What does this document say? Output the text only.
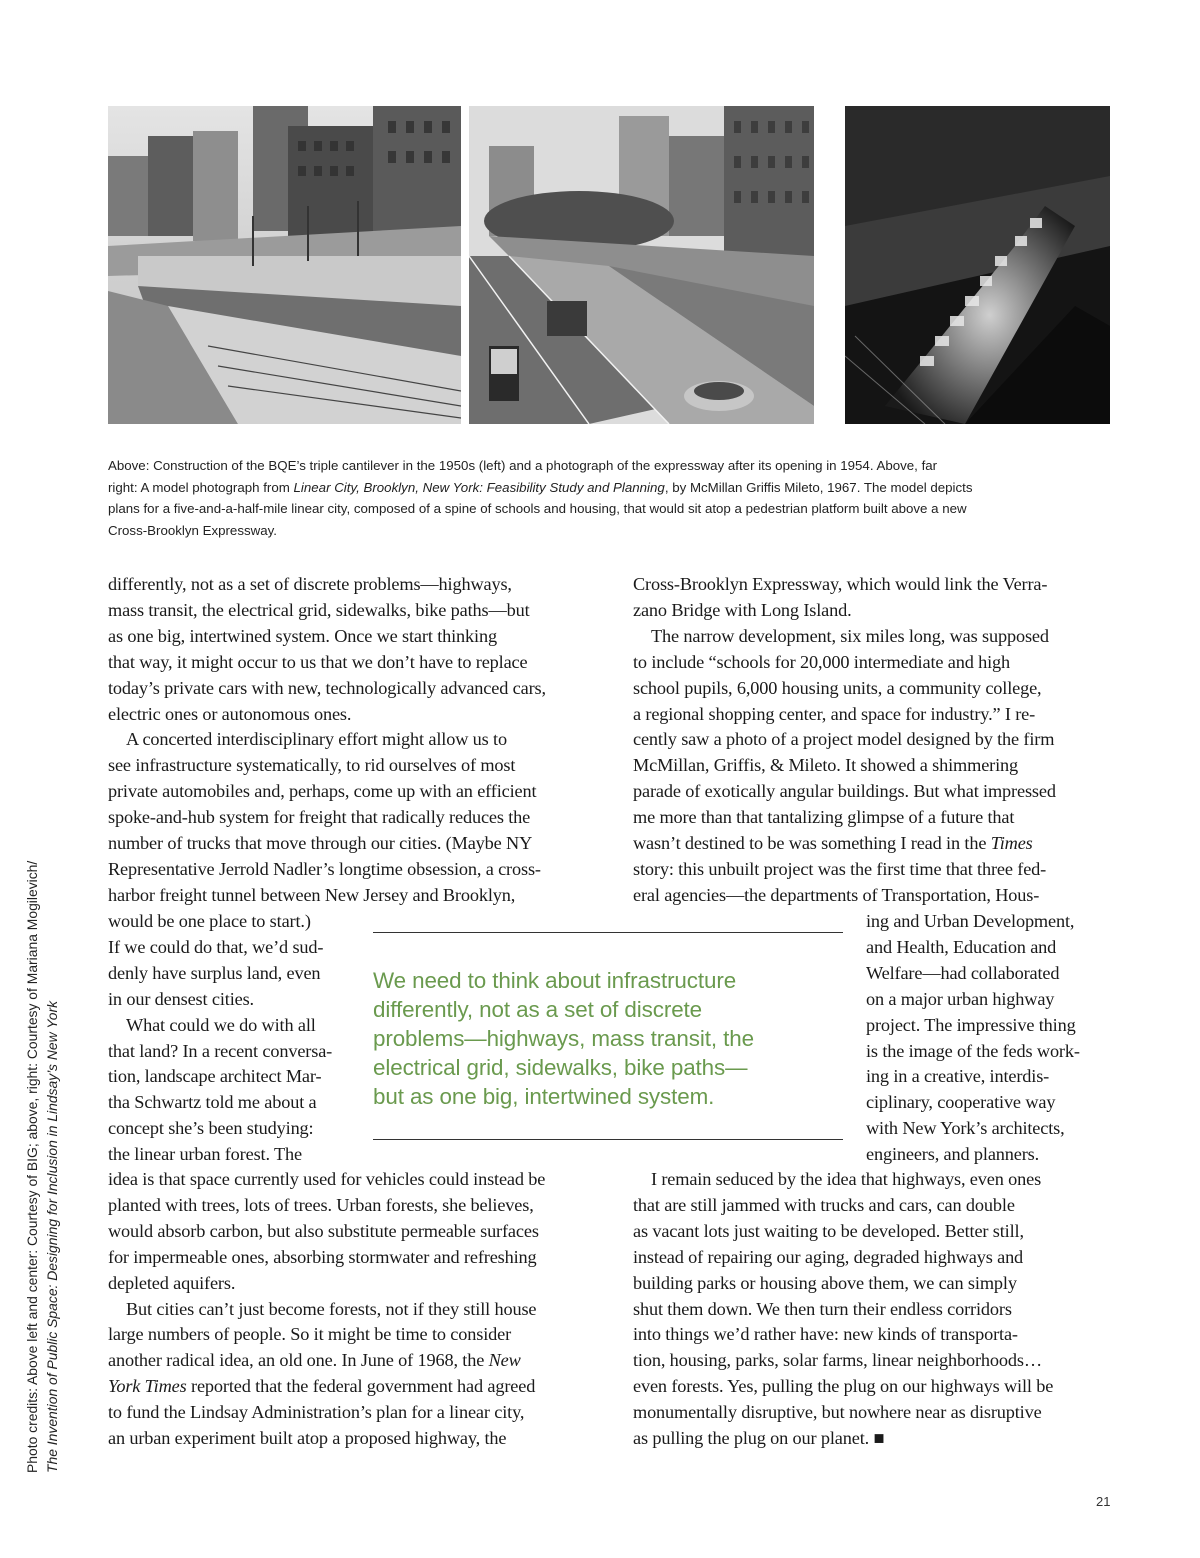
Above: Construction of the BQE’s triple cantilever in the 1950s (left) and a photograph of the expressway after its opening in 1954. Above, far
right: A model photograph from Linear City, Brooklyn, New York: Feasibility Study and Planning, by McMillan Griffis Mileto, 1967. The model depicts
plans for a five-and-a-half-mile linear city, composed of a spine of schools and housing, that would sit atop a pedestrian platform built above a new
Cross-Brooklyn Expressway.
Photo credits: Above left and center: Courtesy of BIG; above, right: Courtesy of Mariana Mogilevich/ The Invention of Public Space: Designing for Inclusion in Lindsay’s New York

differently, not as a set of discrete problems—highways,
mass transit, the electrical grid, sidewalks, bike paths—but
as one big, intertwined system. Once we start thinking
that way, it might occur to us that we don’t have to replace
today’s private cars with new, technologically advanced cars,
electric ones or autonomous ones.

A concerted interdisciplinary effort might allow us to
see infrastructure systematically, to rid ourselves of most
private automobiles and, perhaps, come up with an efficient
spoke-and-hub system for freight that radically reduces the
number of trucks that move through our cities. (Maybe NY
Representative Jerrold Nadler’s longtime obsession, a cross-
harbor freight tunnel between New Jersey and Brooklyn,

would be one place to start.)
If we could do that, we’d sud-
denly have surplus land, even
in our densest cities.

What could we do with all
that land? In a recent conversa-
tion, landscape architect Mar-
tha Schwartz told me about a
concept she’s been studying:
the linear urban forest. The

idea is that space currently used for vehicles could instead be
planted with trees, lots of trees. Urban forests, she believes,
would absorb carbon, but also substitute permeable surfaces
for impermeable ones, absorbing stormwater and refreshing
depleted aquifers.

But cities can’t just become forests, not if they still house
large numbers of people. So it might be time to consider
another radical idea, an old one. In June of 1968, the New
York Times reported that the federal government had agreed
to fund the Lindsay Administration’s plan for a linear city,
an urban experiment built atop a proposed highway, the

Cross-Brooklyn Expressway, which would link the Verra-
zano Bridge with Long Island.

The narrow development, six miles long, was supposed
to include “schools for 20,000 intermediate and high
school pupils, 6,000 housing units, a community college,
a regional shopping center, and space for industry.” I re-
cently saw a photo of a project model designed by the firm
McMillan, Griffis, & Mileto. It showed a shimmering
parade of exotically angular buildings. But what impressed
me more than that tantalizing glimpse of a future that
wasn’t destined to be was something I read in the Times
story: this unbuilt project was the first time that three fed-
eral agencies—the departments of Transportation, Hous-

ing and Urban Development,
and Health, Education and
Welfare—had collaborated
on a major urban highway
project. The impressive thing
is the image of the feds work-
ing in a creative, interdis-
ciplinary, cooperative way
with New York’s architects,
engineers, and planners.

I remain seduced by the idea that highways, even ones
that are still jammed with trucks and cars, can double
as vacant lots just waiting to be developed. Better still,
instead of repairing our aging, degraded highways and
building parks or housing above them, we can simply
shut them down. We then turn their endless corridors
into things we’d rather have: new kinds of transporta-
tion, housing, parks, solar farms, linear neighborhoods…
even forests. Yes, pulling the plug on our highways will be
monumentally disruptive, but nowhere near as disruptive
as pulling the plug on our planet. ■

We need to think about infrastructure
differently, not as a set of discrete
problems—highways, mass transit, the
electrical grid, sidewalks, bike paths—
but as one big, intertwined system.
21
